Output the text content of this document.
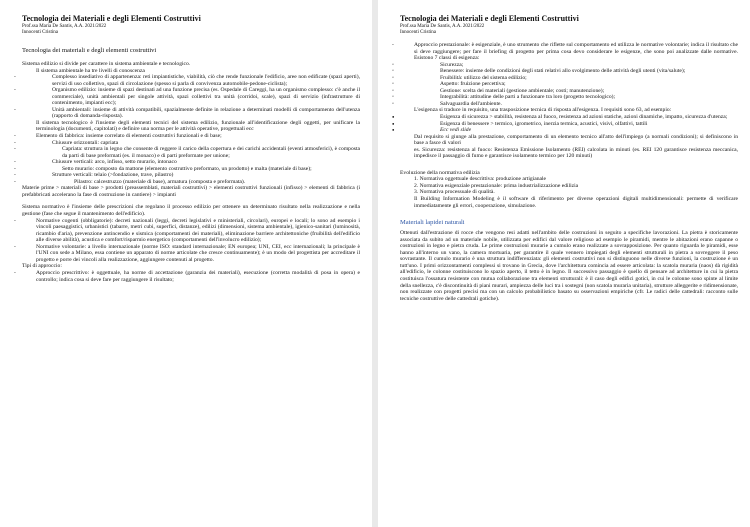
Tecnologia dei Materiali e degli Elementi Costruttivi
Prof.ssa Maria De Santis, A.A. 2021/2022
Innocenti Cristina
Tecnologia dei materiali e degli elementi costruttivi

Sistema edilizio si divide per carattere in sistema ambientale e tecnologico.

Il sistema ambientale ha tre livelli di conoscenza

- Complesso insediativo di appartenenza: reti impiantistiche, viabilità, ciò che rende funzionale l'edificio, aree non edificate (spazi aperti), servizi di uso collettivo, spazi di circolazione (spesso si parla di convivenza automobile-pedone-ciclista);

- Organismo edilizio: insieme di spazi destinati ad una funzione precisa (es. Ospedale di Careggi, ha un organismo complesso: c'è anche il commerciale), unità ambientali per singole attività, spazi collettivi tra unità (corridoi, scale), spazi di servizio (infrastrutture di contenimento, impianti ecc);

- Unità ambientali: insieme di attività compatibili, spazialmente definite in relazione a determinati modelli di comportamento dell'utenza (rapporto di domanda-risposta).

Il sistema tecnologico è l'insieme degli elementi tecnici del sistema edilizio, funzionale all'identificazione degli oggetti, per unificare la terminologia (documenti, capitolati) e definire una norma per le attività operative, progettuali ecc

- Elemento di fabbrica: insieme correlato di elementi costruttivi funzionali e di base;

- Chiusure orizzontali: capriata

- Capriata: struttura in legno che consente di reggere il carico della copertura e dei carichi accidentali (eventi atmosferici), è composta da parti di base preformati (es. il monaco) e di parti preformate per unione;

- Chiusure verticali: arco, infisso, setto murario, intonaco

- Setto murario: composto da mattone (elemento costruttivo preformato, un prodotto) e malta (materiale di base);

- Strutture verticali: telaio (>fondazione, trave, pilastro)

- Pilastro: calcestruzzo (materiale di base), armatura (composta e preformata).

Materie prime > materiali di base > prodotti (preassemblati, materiali costruttivi) > elementi costruttivi funzionali (infisso) > elementi di fabbrica (i prefabbricati accelerano la fase di costruzione in cantiere) > impianti

Sistema normativo è l'insieme delle prescrizioni che regolano il processo edilizio per ottenere un determinato risultato nella realizzazione e nella gestione (fase che segue il mantenimento dell'edificio).

- Normative cogenti (obbligatorie): decreti nazionali (leggi, decreti legislativi e ministeriali, circolari), europei e locali; lo sono ad esempio i vincoli paesaggistici, urbanistici (tabarre, metri cubi, superfici, distanze), edilizi (dimensioni, sistema ambientale), igienico-sanitari (luminosità, ricambio d'aria), prevenzione antincendio e sismica (comportamenti dei materiali), eliminazione barriere architettoniche (fruibilità dell'edificio alle diverse abilità), acustica e comfort/risparmio energetico (comportamenti dell'involucro edilizio);

- Normative volontarie: a livello internazionale (norme ISO: standard internazionale; EN europea; UNI, CEI, ecc internazionali; la principale è l'UNI con sede a Milano, essa contiene un apparato di norme articolate che cresce continuamente); è un modo del progettista per accreditare il progetto e porre dei vincoli alla realizzazione, aggiungere contenuti al progetto.

Tipi di approccio:

- Approccio prescrittivo: è oggettuale, ha norme di accettazione (garanzia dei materiali), esecuzione (corretta modalità di posa in opera) e controllo; indica cosa si deve fare per raggiungere il risultato;

Tecnologia dei Materiali e degli Elementi Costruttivi
Prof.ssa Maria De Santis, A.A. 2021/2022
Innocenti Cristina

- Approccio prestazionale: è esigenziale, è uno strumento che riflette sul comportamento ed utilizza le normative volontarie; indica il risultato che si deve raggiungere; per fare il briefing di progetto per prima cosa devo considerare le esigenze, che sono poi analizzate dalle normative. Esistono 7 classi di esigenza:

◦ Sicurezza;

◦ Benessere: insieme delle condizioni degli stati relativi allo svolgimento delle attività degli utenti (vita/salute);

◦ Fruibilità: utilizzo del sistema edilizio;

◦ Aspetto: fruizione percettiva;

◦ Gestione: scelta dei materiali (gestione ambientale; costi; manutenzione);

◦ Integrabilità: attitudine delle parti a funzionare tra loro (progetto tecnologico);

◦ Salvaguardia dell'ambiente.

L'esigenza si traduce in requisito, una trasposizione tecnica di risposta all'esigenza. I requisiti sono 63, ad esempio:

● Esigenza di sicurezza > stabilità, resistenza al fuoco, resistenza ad azioni statiche, azioni dinamiche, impatto, sicurezza d'utenza;

● Esigenza di benessere > termico, igrometrico, inerzia termica, acustici, visivi, olfattivi, tattili

● Ecc vedi slide

Dal requisito si giunge alla prestazione, comportamento di un elemento tecnico all'atto dell'impiego (a normali condizioni); si definiscono in base a fasce di valori

es. Sicurezza: resistenza al fuoco: Resistenza Emissione Isolamento (REI) calcolata in minuti (es. REI 120 garantisce resistenza meccanica, impedisce il passaggio di fumo e garantisce isolamento termico per 120 minuti)

Evoluzione della normativa edilizia

1. Normativa oggettuale descrittiva: produzione artigianale

2. Normativa esigenziale prestazionale: prima industrializzazione edilizia

3. Normativa processuale di qualità.

Il Building Information Modeling è il software di riferimento per diverse operazioni digitali multidimensionali: permette di verificare immediatamente gli errori, cooperazione, simulazione.

Materiali lapidei naturali

Ottenuti dall'estrazione di rocce che vengono resi adatti nell'ambito delle costruzioni in seguito a specifiche lavorazioni. La pietra è storicamente associata da subito ad un materiale nobile, utilizzata per edifici dal valore religioso ad esempio le piramidi, mentre le abitazioni erano capanne o costruzioni in legno e pietra cruda. Le prime costruzioni murarie a cumulo erano realizzate a sovrapposizione. Per quanto riguarda le piramidi, esse hanno all'interno un vano, la camera mortuaria, per garantire il quale vennero impiegati degli elementi strutturali in pietra a sovreggere il peso sovrastante. Il cumulo murario è una struttura indifferenziata: gli elementi costruttivi non si distinguono nelle diverse funzioni, la costruzione è un tutt'uno. I primi orizzontamenti complessi si trovano in Grecia, dove l'architettura comincia ad essere articolata: la scatola muraria (naos) dà rigidità all'edificio, le colonne costituiscono lo spazio aperto, il tetto è in legno. Il successivo passaggio è quello di pensare ad architetture in cui la pietra costituisca l'ossatura resistente con mutua collaborazione tra elementi strutturali: è il caso degli edifici gotici, in cui le colonne sono spinte al limite della snellezza, c'è discontinuità di piani murari, ampiezza delle luci tra i sostegni (non scatola muraria unitaria), strutture alleggerite e ridimensionate, non realizzate con progetti precisi ma con un calcolo probabilistico basato su osservazioni empiriche (cfr. Le radici delle cattedrali: racconto sulle tecniche costruttive delle cattedrali gotiche).
